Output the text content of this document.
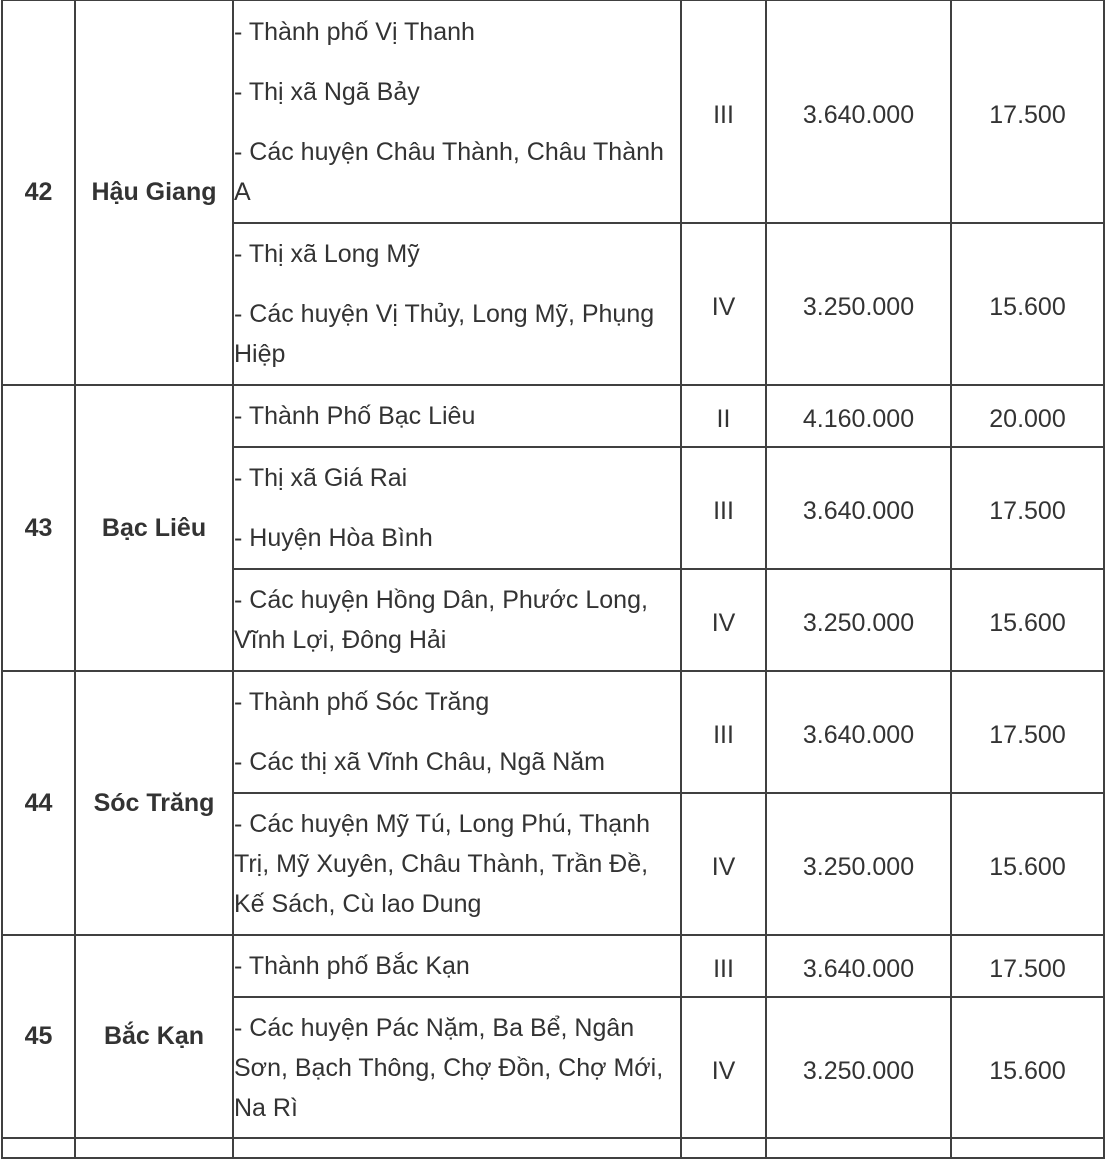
42	Hậu Giang	- Thành phố Vị Thanh
- Thị xã Ngã Bảy
- Các huyện Châu Thành, Châu Thành A	III	3.640.000	17.500

		- Thị xã Long Mỹ
- Các huyện Vị Thủy, Long Mỹ, Phụng Hiệp	IV	3.250.000	15.600

43	Bạc Liêu	- Thành Phố Bạc Liêu	II	4.160.000	20.000

		- Thị xã Giá Rai
- Huyện Hòa Bình	III	3.640.000	17.500

		- Các huyện Hồng Dân, Phước Long, Vĩnh Lợi, Đông Hải	IV	3.250.000	15.600

44	Sóc Trăng	- Thành phố Sóc Trăng
- Các thị xã Vĩnh Châu, Ngã Năm	III	3.640.000	17.500

		- Các huyện Mỹ Tú, Long Phú, Thạnh Trị, Mỹ Xuyên, Châu Thành, Trần Đề, Kế Sách, Cù lao Dung	IV	3.250.000	15.600

45	Bắc Kạn	- Thành phố Bắc Kạn	III	3.640.000	17.500

		- Các huyện Pác Nặm, Ba Bể, Ngân Sơn, Bạch Thông, Chợ Đồn, Chợ Mới, Na Rì	IV	3.250.000	15.600
